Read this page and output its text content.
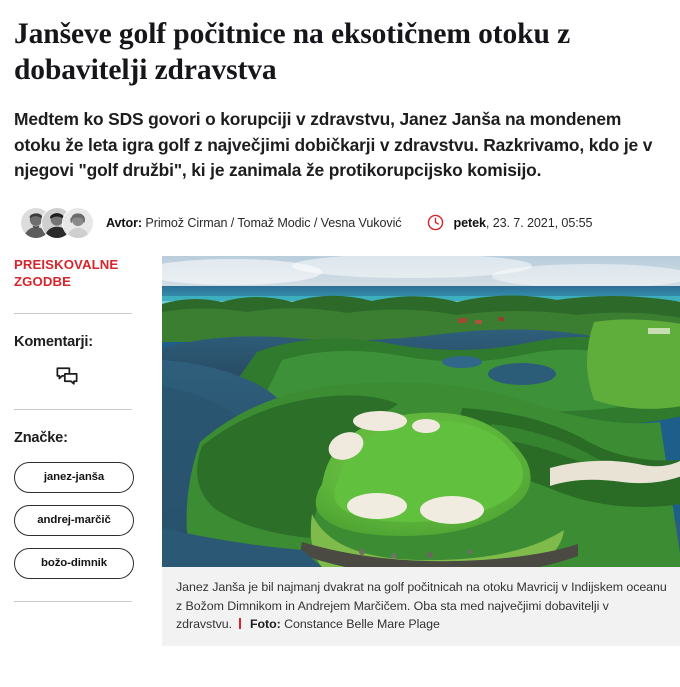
Janševe golf počitnice na eksotičnem otoku z dobavitelji zdravstva

Medtem ko SDS govori o korupciji v zdravstvu, Janez Janša na mondenem otoku že leta igra golf z največjimi dobičkarji v zdravstvu. Razkrivamo, kdo je v njegovi "golf družbi", ki je zanimala že protikorupcijsko komisijo.

Avtor: Primož Cirman / Tomaž Modic / Vesna Vuković	petek, 23. 7. 2021, 05:55
PREISKOVALNE ZGODBE
Komentarji:
Značke:
janez-janša
andrej-marčič
božo-dimnik
Janez Janša je bil najmanj dvakrat na golf počitnicah na otoku Mavricij v Indijskem oceanu z Božom Dimnikom in Andrejem Marčičem. Oba sta med največjimi dobavitelji v zdravstvu. Foto: Constance Belle Mare Plage
